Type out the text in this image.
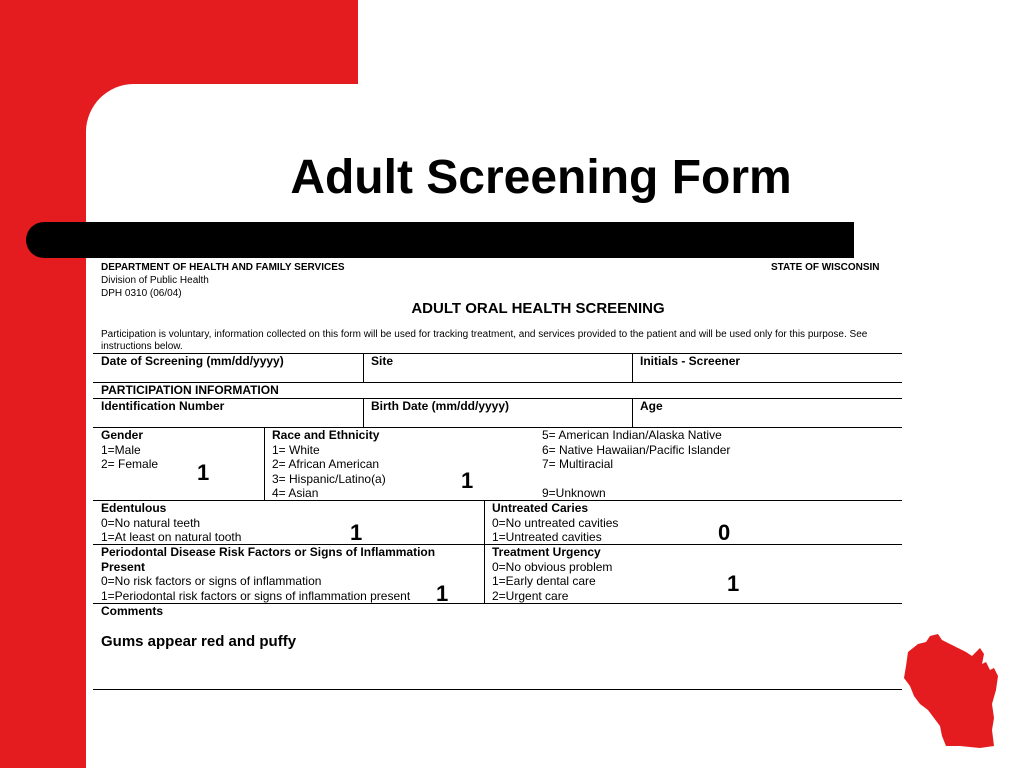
Adult Screening Form
DEPARTMENT OF HEALTH AND FAMILY SERVICES	STATE OF WISCONSIN
Division of Public Health
DPH 0310 (06/04)
ADULT ORAL HEALTH SCREENING
Participation is voluntary, information collected on this form will be used for tracking treatment, and services provided to the patient and will be used only for this purpose. See
instructions below.
Date of Screening (mm/dd/yyyy)	Site	Initials - Screener
PARTICIPATION INFORMATION
Identification Number	Birth Date (mm/dd/yyyy)	Age
Gender
1=Male
2= Female 1
Race and Ethnicity
1= White
2= African American
3= Hispanic/Latino(a)
4= Asian
5= American Indian/Alaska Native
6= Native Hawaiian/Pacific Islander
7= Multiracial
9=Unknown
1
Edentulous
0=No natural teeth
1=At least on natural tooth	1
Untreated Caries
0=No untreated cavities
1=Untreated cavities	0
Periodontal Disease Risk Factors or Signs of Inflammation
Present
0=No risk factors or signs of inflammation
1=Periodontal risk factors or signs of inflammation present 1
Treatment Urgency
0=No obvious problem
1=Early dental care
2=Urgent care	1
Comments
Gums appear red and puffy
